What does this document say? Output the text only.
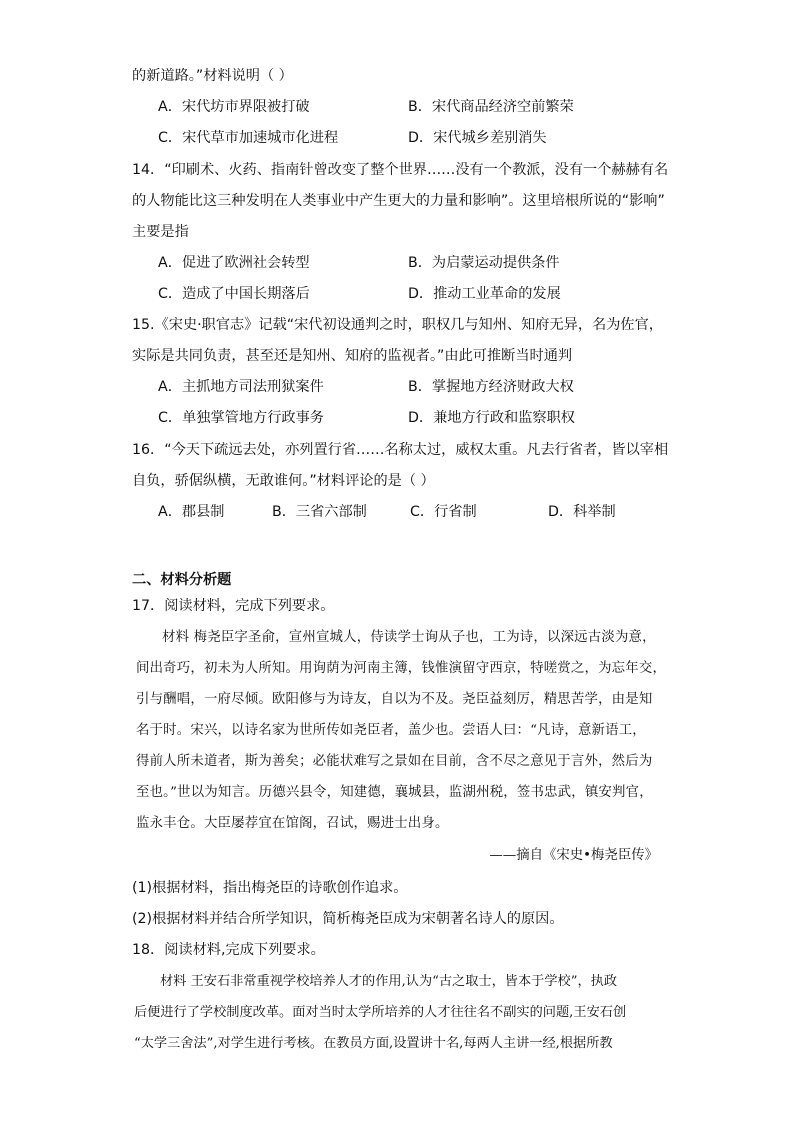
的新道路。”材料说明（ ）
A．宋代坊市界限被打破	B．宋代商品经济空前繁荣
C．宋代草市加速城市化进程	D．宋代城乡差别消失
14．“印刷术、火药、指南针曾改变了整个世界……没有一个教派，没有一个赫赫有名
的人物能比这三种发明在人类事业中产生更大的力量和影响”。这里培根所说的“影响”
主要是指
A．促进了欧洲社会转型	B．为启蒙运动提供条件
C．造成了中国长期落后	D．推动工业革命的发展
15.《宋史·职官志》记载“宋代初设通判之时，职权几与知州、知府无异，名为佐官，
实际是共同负责，甚至还是知州、知府的监视者。”由此可推断当时通判
A．主抓地方司法刑狱案件	B．掌握地方经济财政大权
C．单独掌管地方行政事务	D．兼地方行政和监察职权
16．“今天下疏远去处，亦列置行省……名称太过，威权太重。凡去行省者，皆以宰相
自负，骄倨纵横，无敢谁何。”材料评论的是（ ）
A．郡县制	B．三省六部制	C．行省制	D．科举制
二、材料分析题
17．阅读材料，完成下列要求。
材料 梅尧臣字圣俞，宣州宣城人，侍读学士询从子也，工为诗，以深远古淡为意，
间出奇巧，初未为人所知。用询荫为河南主簿，钱惟演留守西京，特嗟赏之，为忘年交，
引与酬唱，一府尽倾。欧阳修与为诗友，自以为不及。尧臣益刻厉，精思苦学，由是知
名于时。宋兴，以诗名家为世所传如尧臣者，盖少也。尝语人曰：“凡诗，意新语工，
得前人所未道者，斯为善矣；必能状难写之景如在目前，含不尽之意见于言外，然后为
至也。”世以为知言。历德兴县令，知建德，襄城县，监湖州税，签书忠武，镇安判官，
监永丰仓。大臣屡荐宜在馆阁，召试，赐进士出身。
——摘自《宋史•梅尧臣传》
(1)根据材料，指出梅尧臣的诗歌创作追求。
(2)根据材料并结合所学知识，简析梅尧臣成为宋朝著名诗人的原因。
18．阅读材料,完成下列要求。
材料 王安石非常重视学校培养人才的作用,认为“古之取士，皆本于学校”，执政
后便进行了学校制度改革。面对当时太学所培养的人才往往名不副实的问题,王安石创
“太学三舍法”,对学生进行考核。在教员方面,设置讲十名,每两人主讲一经,根据所教
